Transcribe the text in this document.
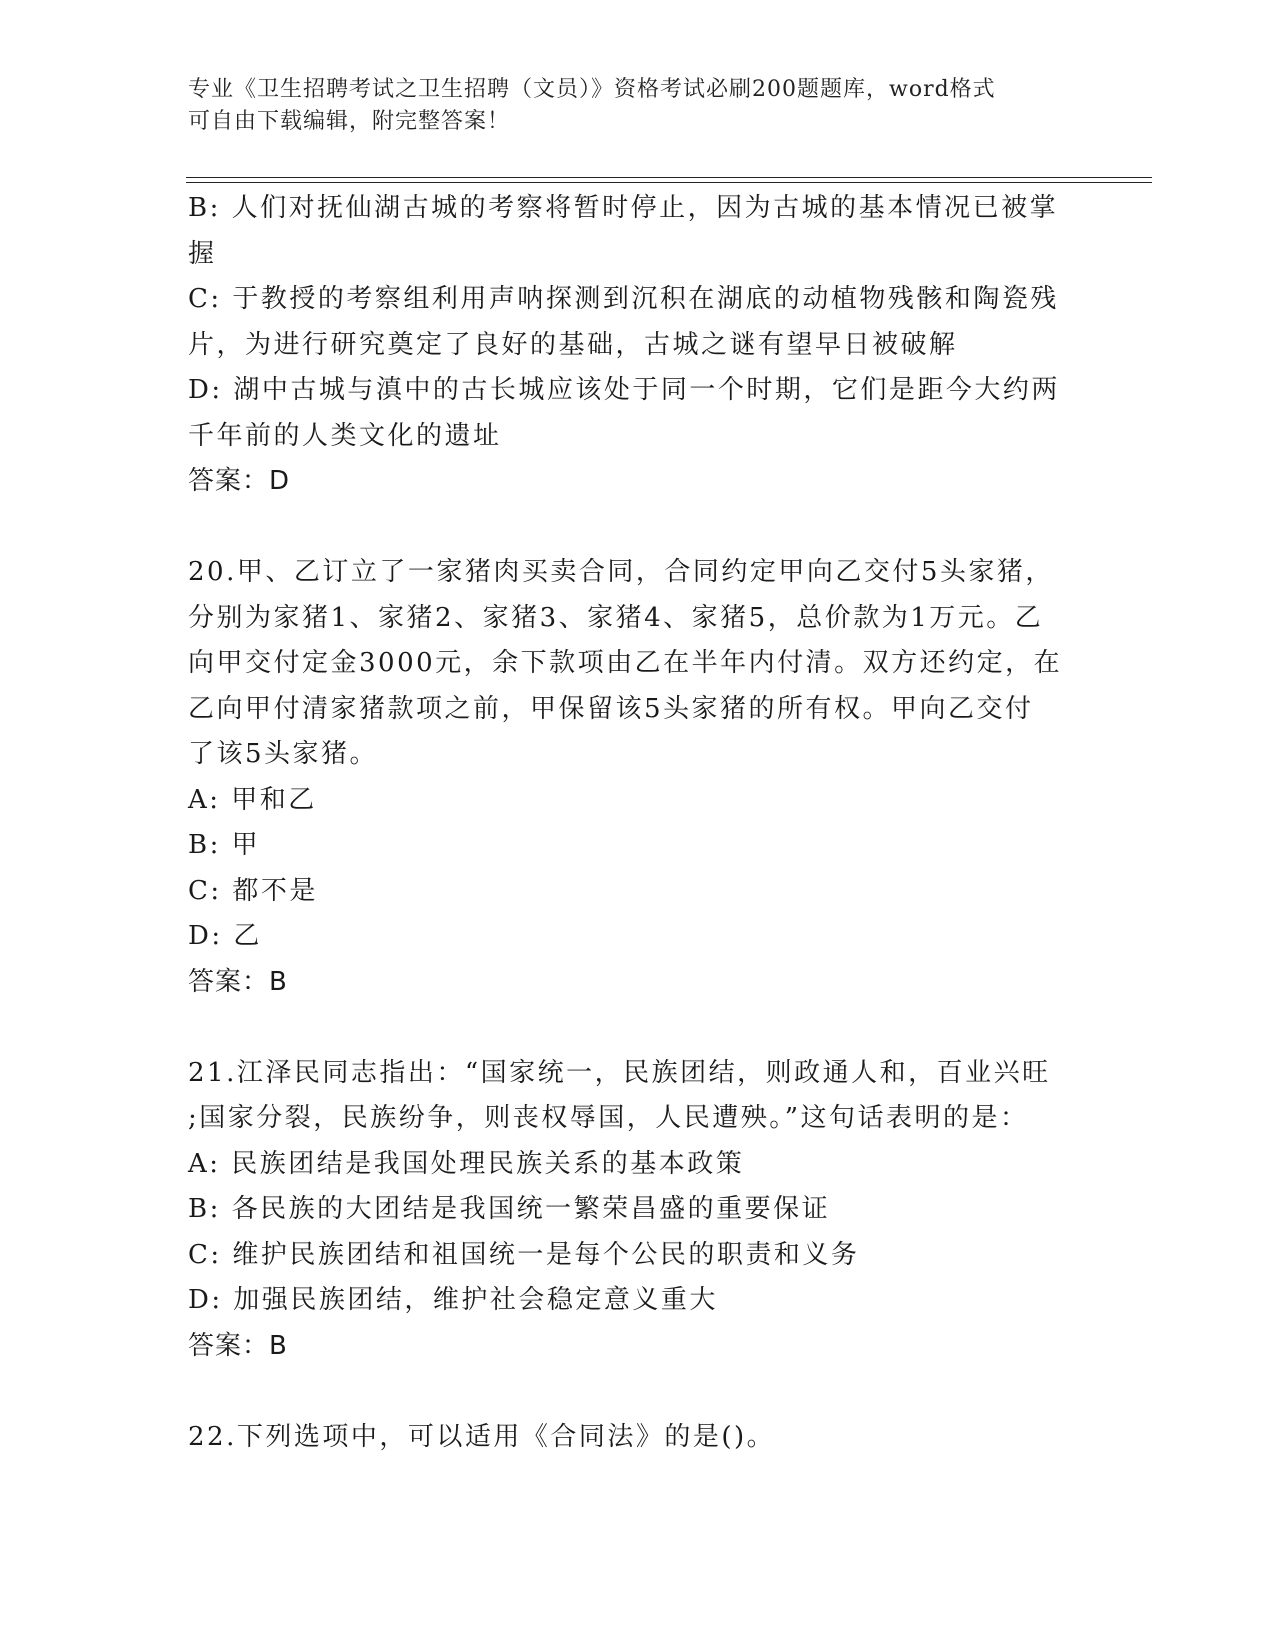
专业《卫生招聘考试之卫生招聘（文员）》资格考试必刷200题题库，word格式
可自由下载编辑，附完整答案！
B: 人们对抚仙湖古城的考察将暂时停止，因为古城的基本情况已被掌
握
C: 于教授的考察组利用声呐探测到沉积在湖底的动植物残骸和陶瓷残
片，为进行研究奠定了良好的基础，古城之谜有望早日被破解
D: 湖中古城与滇中的古长城应该处于同一个时期，它们是距今大约两
千年前的人类文化的遗址
答案：D
20.甲、乙订立了一家猪肉买卖合同，合同约定甲向乙交付5头家猪，
分别为家猪1、家猪2、家猪3、家猪4、家猪5，总价款为1万元。乙
向甲交付定金3000元，余下款项由乙在半年内付清。双方还约定，在
乙向甲付清家猪款项之前，甲保留该5头家猪的所有权。甲向乙交付
了该5头家猪。
A: 甲和乙
B: 甲
C: 都不是
D: 乙
答案：B
21.江泽民同志指出：“国家统一，民族团结，则政通人和，百业兴旺
;国家分裂，民族纷争，则丧权辱国，人民遭殃。”这句话表明的是：
A: 民族团结是我国处理民族关系的基本政策
B: 各民族的大团结是我国统一繁荣昌盛的重要保证
C: 维护民族团结和祖国统一是每个公民的职责和义务
D: 加强民族团结，维护社会稳定意义重大
答案：B
22.下列选项中，可以适用《合同法》的是()。
